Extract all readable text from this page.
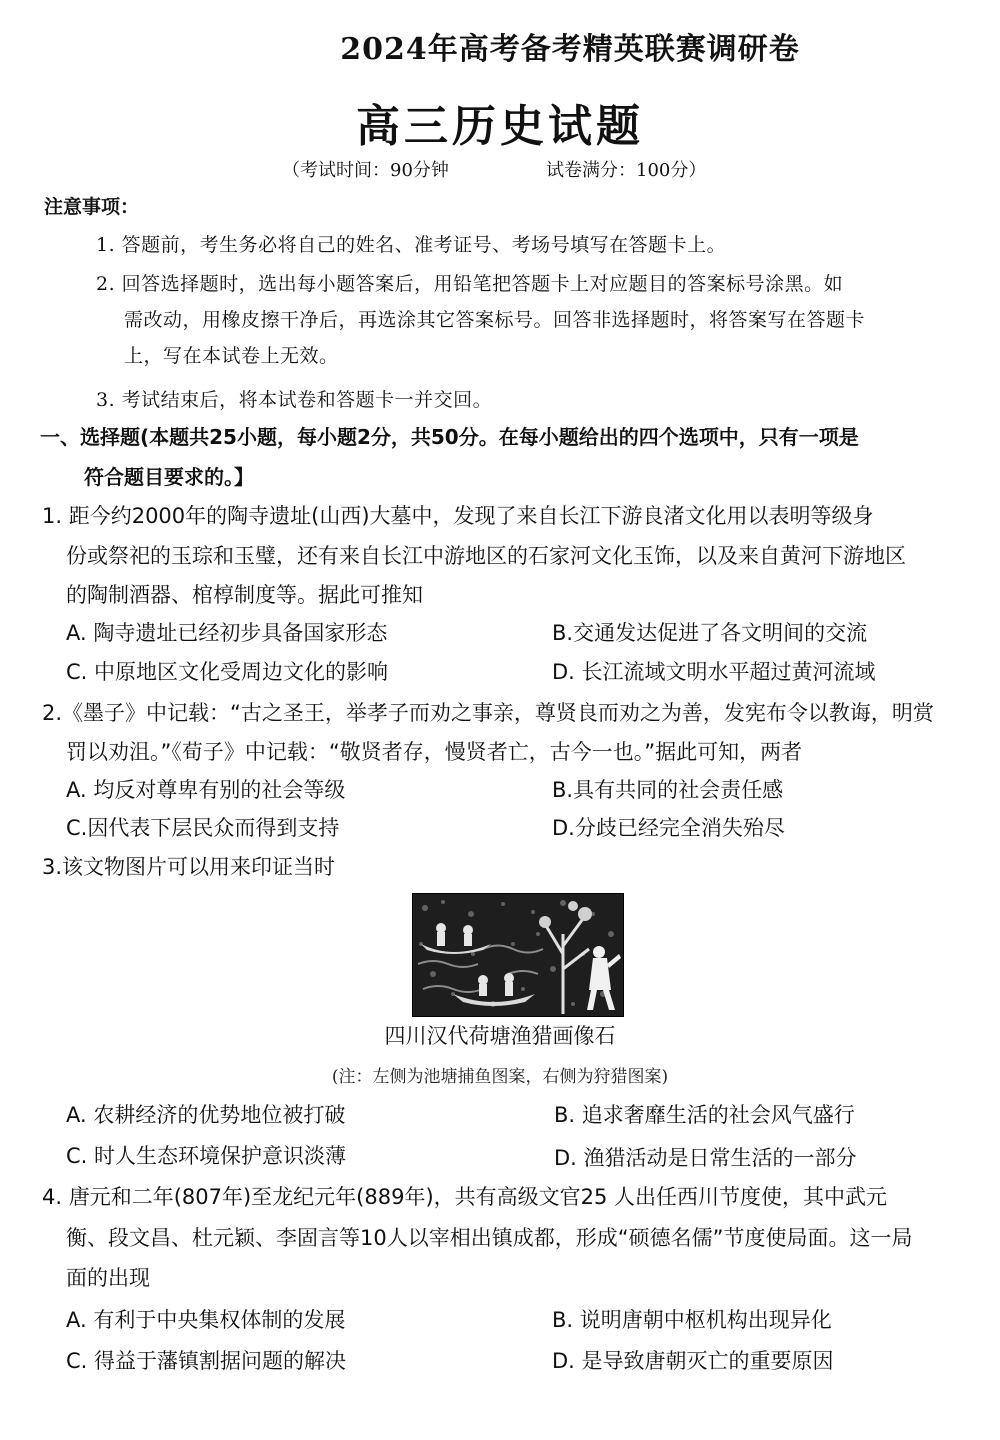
2024年高考备考精英联赛调研卷
高三历史试题
（考试时间：90分钟	试卷满分：100分）
注意事项：
1. 答题前，考生务必将自己的姓名、准考证号、考场号填写在答题卡上。
2. 回答选择题时，选出每小题答案后，用铅笔把答题卡上对应题目的答案标号涂黑。如
需改动，用橡皮擦干净后，再选涂其它答案标号。回答非选择题时，将答案写在答题卡
上，写在本试卷上无效。
3. 考试结束后，将本试卷和答题卡一并交回。
一、选择题(本题共25小题，每小题2分，共50分。在每小题给出的四个选项中，只有一项是
符合题目要求的。】
1. 距今约2000年的陶寺遗址(山西)大墓中，发现了来自长江下游良渚文化用以表明等级身
份或祭祀的玉琮和玉璧，还有来自长江中游地区的石家河文化玉饰，以及来自黄河下游地区
的陶制酒器、棺椁制度等。据此可推知
A. 陶寺遗址已经初步具备国家形态	B.交通发达促进了各文明间的交流
C. 中原地区文化受周边文化的影响	D. 长江流域文明水平超过黄河流域
2.《墨子》中记载：“古之圣王，举孝子而劝之事亲，尊贤良而劝之为善，发宪布令以教诲，明赏
罚以劝沮。”《荀子》中记载：“敬贤者存，慢贤者亡，古今一也。”据此可知，两者
A. 均反对尊卑有别的社会等级	B.具有共同的社会责任感
C.因代表下层民众而得到支持	D.分歧已经完全消失殆尽
3.该文物图片可以用来印证当时
四川汉代荷塘渔猎画像石
(注：左侧为池塘捕鱼图案，右侧为狩猎图案)
A. 农耕经济的优势地位被打破	B. 追求奢靡生活的社会风气盛行
C. 时人生态环境保护意识淡薄	D. 渔猎活动是日常生活的一部分
4. 唐元和二年(807年)至龙纪元年(889年)，共有高级文官25 人出任西川节度使，其中武元
衡、段文昌、杜元颖、李固言等10人以宰相出镇成都，形成“硕德名儒”节度使局面。这一局
面的出现
A. 有利于中央集权体制的发展	B. 说明唐朝中枢机构出现异化
C. 得益于藩镇割据问题的解决	D. 是导致唐朝灭亡的重要原因
